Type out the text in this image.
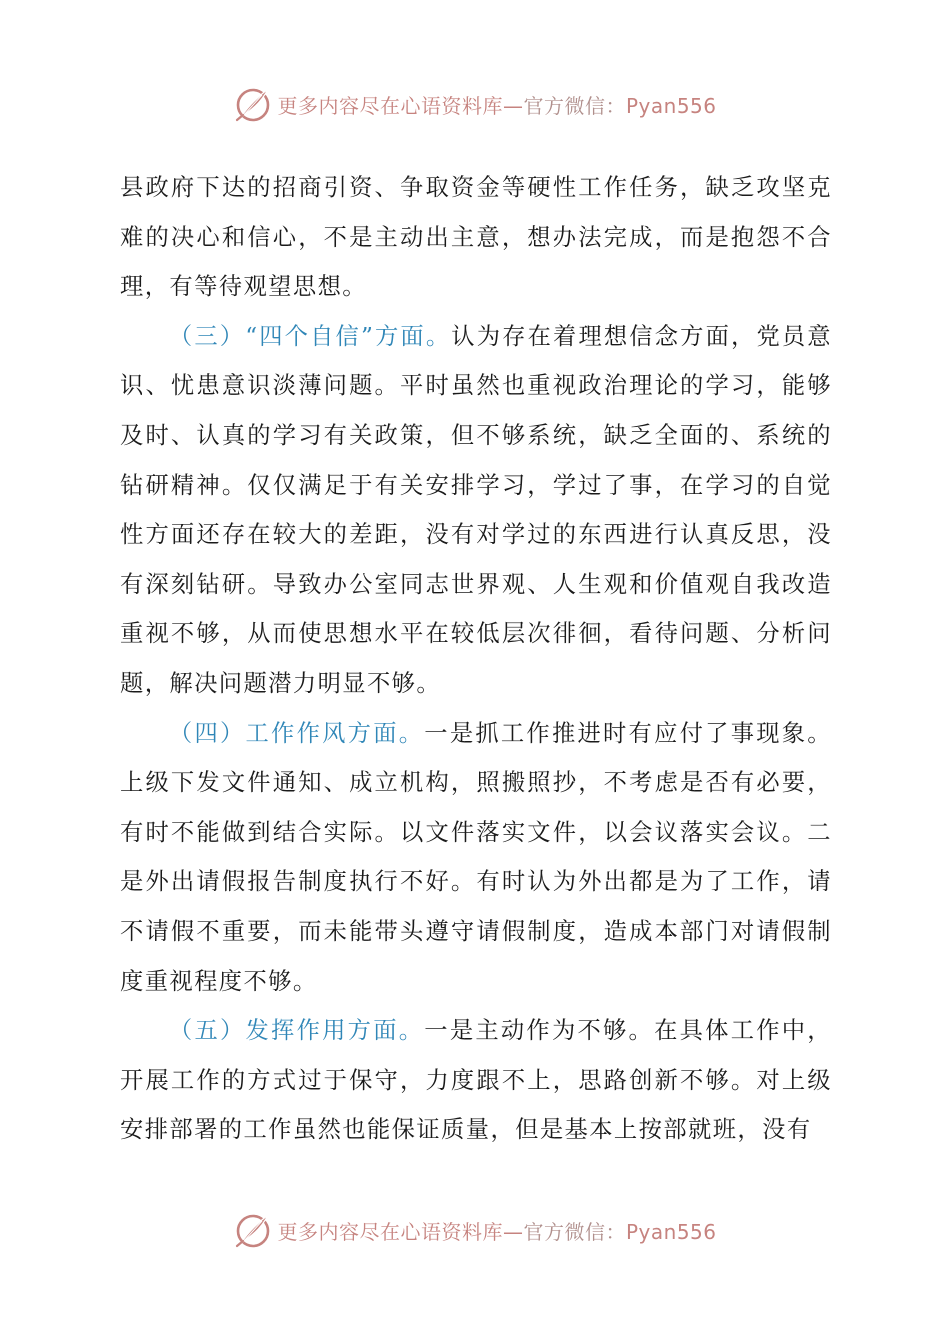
更多内容尽在心语资料库—官方微信：Pyan556

县政府下达的招商引资、争取资金等硬性工作任务，缺乏攻坚克难的决心和信心，不是主动出主意，想办法完成，而是抱怨不合理，有等待观望思想。

（三）“四个自信”方面。认为存在着理想信念方面，党员意识、忧患意识淡薄问题。平时虽然也重视政治理论的学习，能够及时、认真的学习有关政策，但不够系统，缺乏全面的、系统的钻研精神。仅仅满足于有关安排学习，学过了事，在学习的自觉性方面还存在较大的差距，没有对学过的东西进行认真反思，没有深刻钻研。导致办公室同志世界观、人生观和价值观自我改造重视不够，从而使思想水平在较低层次徘徊，看待问题、分析问题，解决问题潜力明显不够。

（四）工作作风方面。一是抓工作推进时有应付了事现象。上级下发文件通知、成立机构，照搬照抄，不考虑是否有必要，有时不能做到结合实际。以文件落实文件，以会议落实会议。二是外出请假报告制度执行不好。有时认为外出都是为了工作，请不请假不重要，而未能带头遵守请假制度，造成本部门对请假制度重视程度不够。

（五）发挥作用方面。一是主动作为不够。在具体工作中，开展工作的方式过于保守，力度跟不上，思路创新不够。对上级安排部署的工作虽然也能保证质量，但是基本上按部就班，没有

更多内容尽在心语资料库—官方微信：Pyan556
